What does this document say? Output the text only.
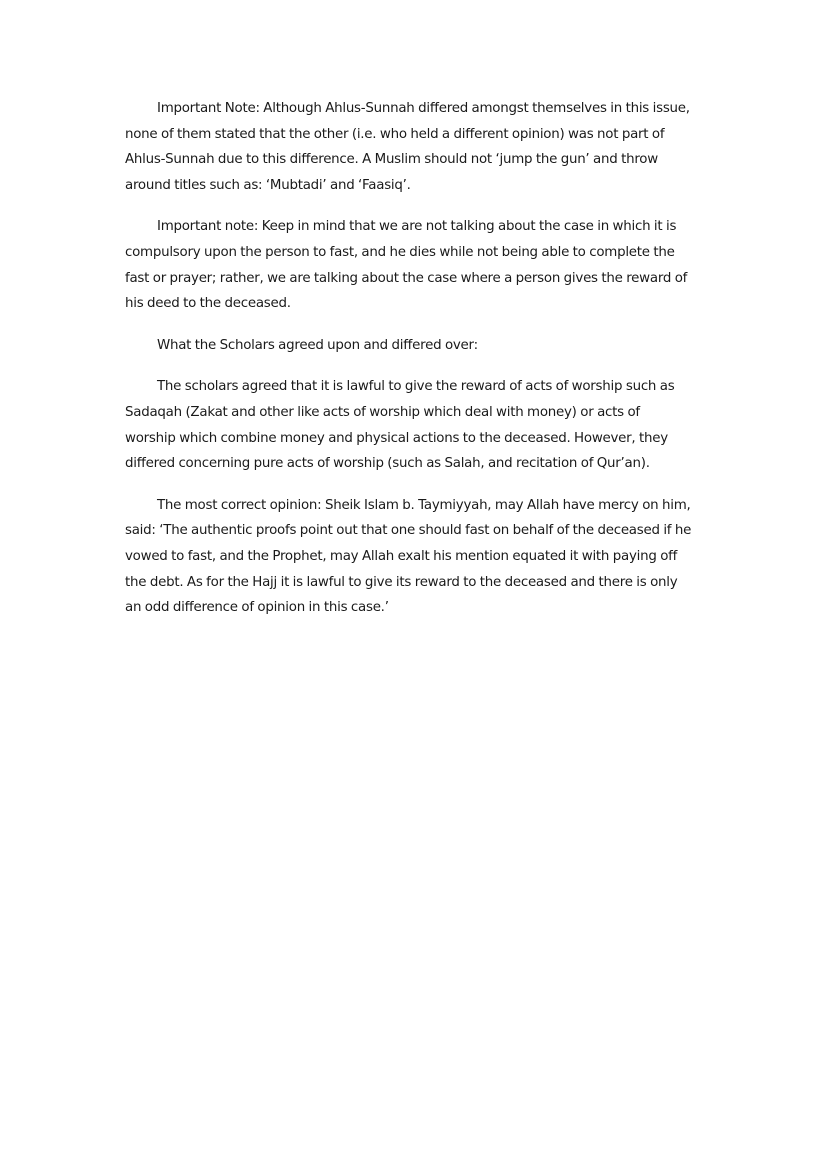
Important Note: Although Ahlus-Sunnah differed amongst themselves in this issue, none of them stated that the other (i.e. who held a different opinion) was not part of Ahlus-Sunnah due to this difference. A Muslim should not ‘jump the gun’ and throw around titles such as: ‘Mubtadi’ and ‘Faasiq’.

Important note: Keep in mind that we are not talking about the case in which it is compulsory upon the person to fast, and he dies while not being able to complete the fast or prayer; rather, we are talking about the case where a person gives the reward of his deed to the deceased.

What the Scholars agreed upon and differed over:

The scholars agreed that it is lawful to give the reward of acts of worship such as Sadaqah (Zakat and other like acts of worship which deal with money) or acts of worship which combine money and physical actions to the deceased. However, they differed concerning pure acts of worship (such as Salah, and recitation of Qur’an).

The most correct opinion: Sheik Islam b. Taymiyyah, may Allah have mercy on him, said: ‘The authentic proofs point out that one should fast on behalf of the deceased if he vowed to fast, and the Prophet, may Allah exalt his mention equated it with paying off the debt. As for the Hajj it is lawful to give its reward to the deceased and there is only an odd difference of opinion in this case.’
